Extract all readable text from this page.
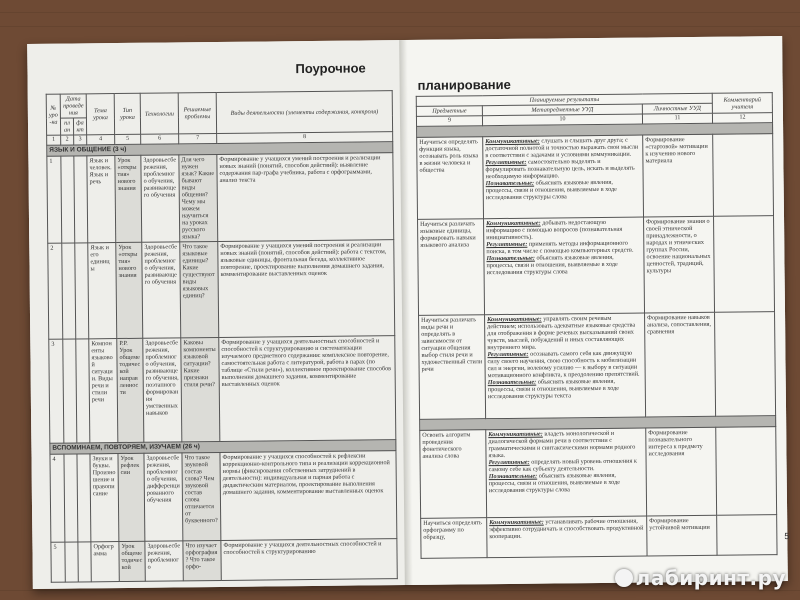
Поурочное
№ уро-ка	Дата проведения		Тема урока	Тип урока	Технологии	Решаемые проблемы	Виды деятельности (элементы содержания, контроля)
	план	факт					
1	2	3	4	5	6	7	8
ЯЗЫК И ОБЩЕНИЕ (3 ч)							
1			Язык и человек. Язык и речь	Урок «открытия» нового знания	Здоровьесбережения, проблемного обучения, развивающего обучения	Для чего нужен язык? Какие бывают виды общения? Чему мы можем научиться на уроках русского языка?	Формирование у учащихся умений построения и реализации новых знаний (понятий, способов действий): выявление содержания пар-графа учебника, работа с орфограммами, анализ текста
2			Язык и его единицы	Урок «открытия» нового знания	Здоровьесбережения, проблемного обучения, развивающего обучения	Что такое языковые единицы? Какие существуют виды языковых единиц?	Формирование у учащихся умений построения и реализации новых знаний (понятий, способов действий): работа с текстом, языковые единицы, фронтальная беседа, коллективное повторение, проектирование выполнения домашнего задания, комментирование выставленных оценок
3			Компоненты языковой ситуации. Виды речи и стили речи	Р.Р. Урок общеметодической направленности	Здоровьесбережения, проблемного обучения, развивающего обучения, поэтапного формирования умственных навыков	Каковы компоненты языковой ситуации? Какие признаки стиля речи?	Формирование у учащихся деятельностных способностей и способностей к структурированию и систематизации изучаемого предметного содержания: комплексное повторение, самостоятельная работа с литературой, работа в парах (по таблице «Стили речи»), коллективное проектирование способов выполнения домашнего задания, комментирование выставленных оценок
ВСПОМИНАЕМ, ПОВТОРЯЕМ, ИЗУЧАЕМ (26 ч)							
4			Звуки и буквы. Произношение и правописание	Урок рефлексии	Здоровьесбережения, проблемного обучения, дифференцированного обучения	Что такое звуковой состав слова? Чем звуковой состав слова отличается от буквенного?	Формирование у учащихся способностей к рефлексии коррекционно-контрольного типа и реализации коррекционной нормы (фиксирования собственных затруднений в деятельности): индивидуальная и парная работа с дидактическим материалом, проектирование выполнения домашнего задания, комментирование выставленных оценок
5			Орфограмма	Урок общеметодической	Здоровьесбережения, проблемного	Что изучает орфография? Что такое орфо-	Формирование у учащихся деятельностных способностей и способностей к структурированию
планирование
Планируемые результаты			Комментарий учителя
Предметные	Метапредметные УУД	Личностные УУД	
9	10	11	12

Научиться определять функции языка, осознавать роль языка в жизни человека и общества	Коммуникативные: слушать и слышать друг друга; с достаточной полнотой и точностью выражать свои мысли в соответствии с задачами и условиями коммуникации.
Регулятивные: самостоятельно выделять и формулировать познавательную цель, искать и выделять необходимую информацию.
Познавательные: объяснять языковые явления, процессы, связи и отношения, выявляемые в ходе исследования структуры слова	Формирование «стартовой» мотивации к изучению нового материала	
Научиться различать языковые единицы, формировать навыки языкового анализа	Коммуникативные: добывать недостающую информацию с помощью вопросов (познавательная инициативность).
Регулятивные: применять методы информационного поиска, в том числе с помощью компьютерных средств.
Познавательные: объяснять языковые явления, процессы, связи и отношения, выявляемые в ходе исследования структуры слова	Формирование знания о своей этнической принадлежности, о народах и этнических группах России, освоение национальных ценностей, традиций, культуры	
Научиться различать виды речи и определять в зависимости от ситуации общения выбор стиля речи и художественный стили речи	Коммуникативные: управлять своим речевым действием; использовать адекватные языковые средства для отображения в форме речевых высказываний своих чувств, мыслей, побуждений и иных составляющих внутреннего мира.
Регулятивные: осознавать самого себя как движущую силу своего научения, свою способность к мобилизации сил и энергии, волевому усилию — к выбору в ситуации мотивационного конфликта, к преодолению препятствий.
Познавательные: объяснять языковые явления, процессы, связи и отношения, выявляемые в ходе исследования структуры текста	Формирование навыков анализа, сопоставления, сравнения	

Освоить алгоритм проведения фонетического анализа слова	Коммуникативные: владеть монологической и диалогической формами речи в соответствии с грамматическими и синтаксическими нормами родного языка.
Регулятивные: определять новый уровень отношения к самому себе как субъекту деятельности.
Познавательные: объяснять языковые явления, процессы, связи и отношения, выявляемые в ходе исследования структуры слова	Формирование познавательного интереса к предмету исследования	
Научиться определять орфограмму по образцу,	Коммуникативные: устанавливать рабочие отношения, эффективно сотрудничать и способствовать продуктивной кооперации.	Формирование устойчивой мотивации	
5
лабиринт.ру
